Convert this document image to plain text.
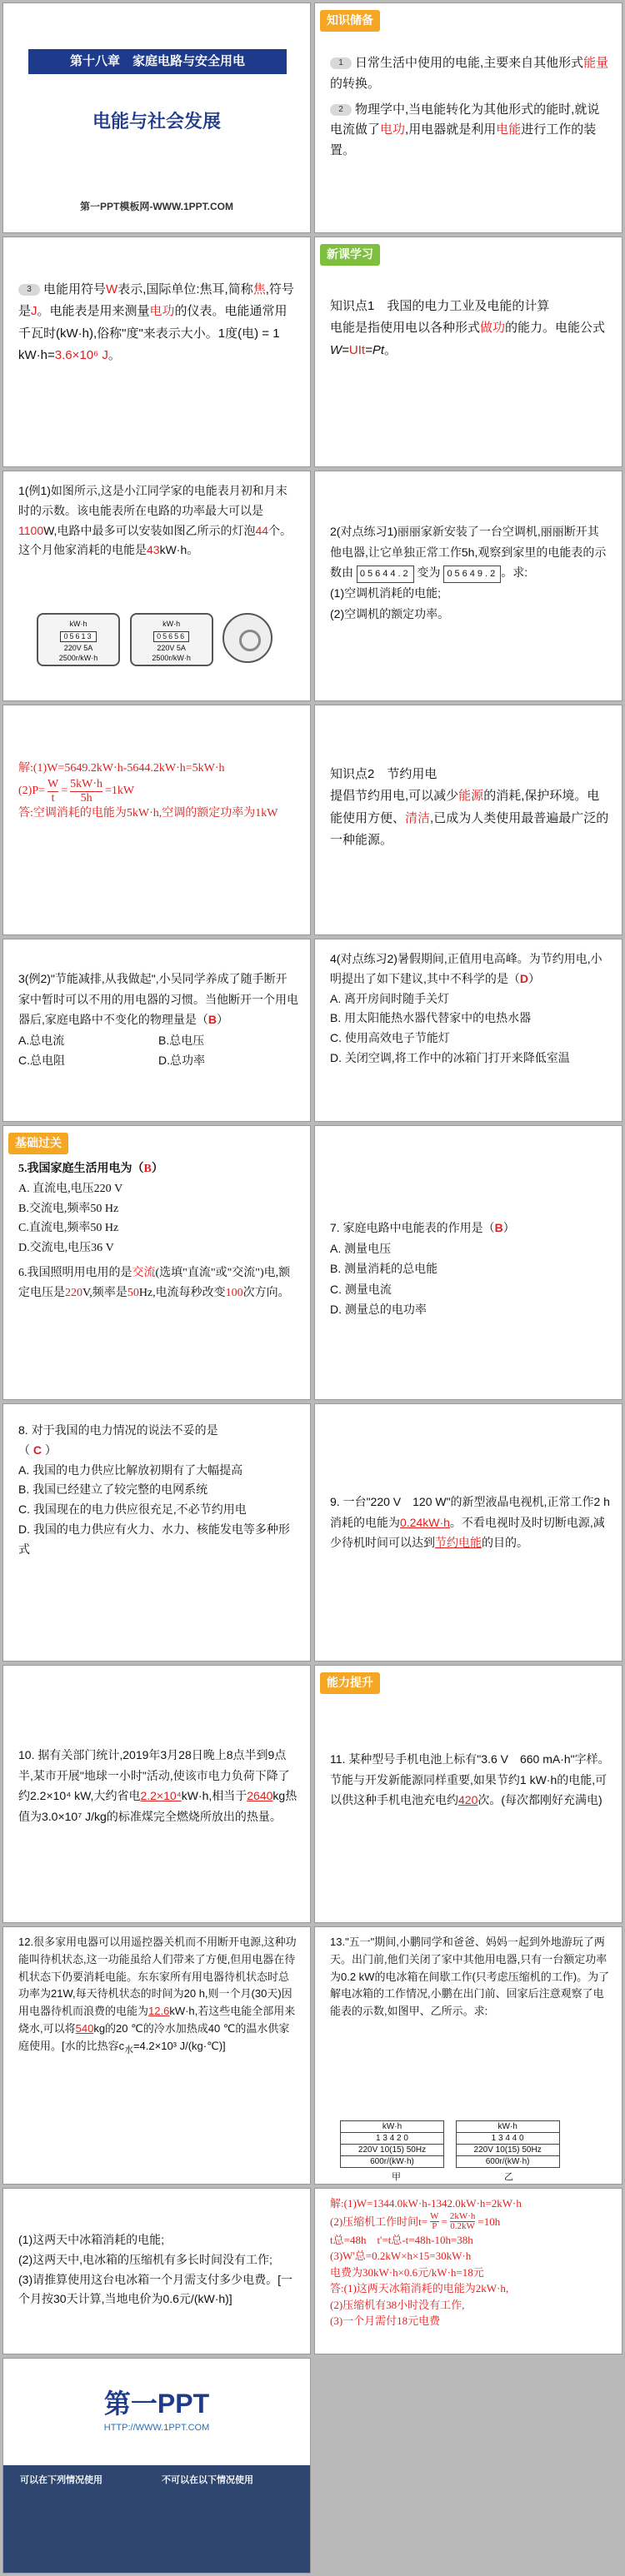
第十八章　家庭电路与安全用电
电能与社会发展
第一PPT模板网-WWW.1PPT.COM
知识储备

1 日常生活中使用的电能,主要来自其他形式能量的转换。

2 物理学中,当电能转化为其他形式的能时,就说电流做了电功,用电器就是利用电能进行工作的装置。

3 电能用符号W表示,国际单位:焦耳,简称焦,符号是J。电能表是用来测量电功的仪表。电能通常用千瓦时(kW·h),俗称"度"来表示大小。1度(电) = 1 kW·h=3.6×10⁶ J。
新课学习

知识点1　我国的电力工业及电能的计算

电能是指使用电以各种形式做功的能力。电能公式W=UIt=Pt。

1(例1)如图所示,这是小江同学家的电能表月初和月末时的示数。该电能表所在电路的功率最大可以是1100W,电路中最多可以安装如图乙所示的灯泡44个。这个月他家消耗的电能是43kW·h。
kW·h
05613
220V 5A
2500r/kW·h

kW·h
05656
220V 5A
2500r/kW·h

2(对点练习1)丽丽家新安装了一台空调机,丽丽断开其他电器,让它单独正常工作5h,观察到家里的电能表的示数由 05644.2 变为 05649.2 。求:

(1)空调机消耗的电能;

(2)空调机的额定功率。

解:(1)W=5649.2kW·h-5644.2kW·h=5kW·h

$(2)P= \frac{W}{t} = \frac{5kW\cdot h}{5h} =1kW$

答:空调消耗的电能为5kW·h,空调的额定功率为1kW

知识点2　节约用电

提倡节约用电,可以减少能源的消耗,保护环境。电能使用方便、清洁,已成为人类使用最普遍最广泛的一种能源。

3(例2)"节能减排,从我做起",小吴同学养成了随手断开家中暂时可以不用的用电器的习惯。当他断开一个用电器后,家庭电路中不变化的物理量是（B）
A.总电流	B.总电压
C.总电阻	D.总功率
4(对点练习2)暑假期间,正值用电高峰。为节约用电,小明提出了如下建议,其中不科学的是（D）
A. 离开房间时随手关灯
B. 用太阳能热水器代替家中的电热水器
C. 使用高效电子节能灯
D. 关闭空调,将工作中的冰箱门打开来降低室温
基础过关

5.我国家庭生活用电为（B）

A. 直流电,电压220 V
B.交流电,频率50 Hz
C.直流电,频率50 Hz
D.交流电,电压36 V

6.我国照明用电用的是交流(选填"直流"或"交流")电,额定电压是220V,频率是50Hz,电流每秒改变100次方向。

7. 家庭电路中电能表的作用是（B）

A. 测量电压
B. 测量消耗的总电能
C. 测量电流
D. 测量总的电功率

8. 对于我国的电力情况的说法不妥的是

（ C ）

A. 我国的电力供应比解放初期有了大幅提高
B. 我国已经建立了较完整的电网系统
C. 我国现在的电力供应很充足,不必节约用电
D. 我国的电力供应有火力、水力、核能发电等多种形式
9. 一台"220 V　120 W"的新型液晶电视机,正常工作2 h消耗的电能为0.24kW·h。不看电视时及时切断电源,减少待机时间可以达到节约电能的目的。
10. 据有关部门统计,2019年3月28日晚上8点半到9点半,某市开展"地球一小时"活动,使该市电力负荷下降了约2.2×10⁴ kW,大约省电2.2×10⁴kW·h,相当于2640kg热值为3.0×10⁷ J/kg的标准煤完全燃烧所放出的热量。
能力提升
11. 某种型号手机电池上标有"3.6 V　660 mA·h"字样。节能与开发新能源同样重要,如果节约1 kW·h的电能,可以供这种手机电池充电约420次。(每次都刚好充满电)
12.很多家用电器可以用遥控器关机而不用断开电源,这种功能叫待机状态,这一功能虽给人们带来了方便,但用电器在待机状态下仍要消耗电能。东东家所有用电器待机状态时总功率为21W,每天待机状态的时间为20 h,则一个月(30天)因用电器待机而浪费的电能为12.6kW·h,若这些电能全部用来烧水,可以将540kg的20 ℃的冷水加热成40 ℃的温水供家庭使用。[水的比热容$c_水=4.2\times 10^3$ J/(kg·℃)]
13."五一"期间,小鹏同学和爸爸、妈妈一起到外地游玩了两天。出门前,他们关闭了家中其他用电器,只有一台额定功率为0.2 kW的电冰箱在间歇工作(只考虑压缩机的工作)。为了解电冰箱的工作情况,小鹏在出门前、回家后注意观察了电能表的示数,如图甲、乙所示。求:
kW·h
1 3 4 2 0
220V 10(15) 50Hz
600r/(kW·h)

kW·h
1 3 4 4 0
220V 10(15) 50Hz
600r/(kW·h)
甲	乙
(1)这两天中冰箱消耗的电能;
(2)这两天中,电冰箱的压缩机有多长时间没有工作;
(3)请推算使用这台电冰箱一个月需支付多少电费。[一个月按30天计算,当地电价为0.6元/(kW·h)]

解:(1)W=1344.0kW·h-1342.0kW·h=2kW·h

(2)压缩机工作时间$t= \frac{W}{P} = \frac{2kW\cdot h}{0.2kW} =10h$

t总=48h　t'=t总-t=48h-10h=38h

(3)W'总=0.2kW×h×15=30kW·h

电费为30kW·h×0.6元/kW·h=18元

答:(1)这两天冰箱消耗的电能为2kW·h,

(2)压缩机有38小时没有工作,

(3)一个月需付18元电费

第一PPT
HTTP://WWW.1PPT.COM
可以在下列情况使用	不可以在以下情况使用
